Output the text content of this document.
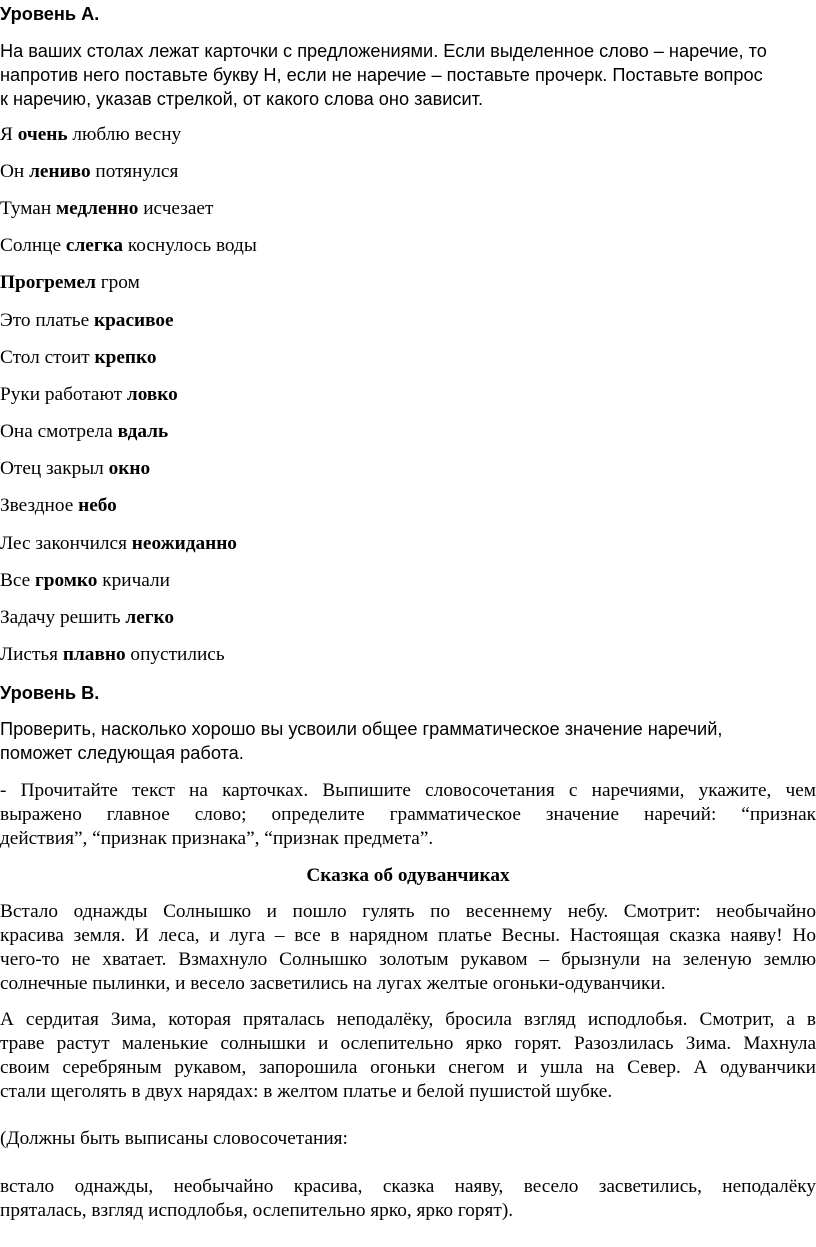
Уровень А.
На ваших столах лежат карточки с предложениями. Если выделенное слово – наречие, то
напротив него поставьте букву Н, если не наречие – поставьте прочерк. Поставьте вопрос
к наречию, указав стрелкой, от какого слова оно зависит.
Я очень люблю весну
Он лениво потянулся
Туман медленно исчезает
Солнце слегка коснулось воды
Прогремел гром
Это платье красивое
Стол стоит крепко
Руки работают ловко
Она смотрела вдаль
Отец закрыл окно
Звездное небо
Лес закончился неожиданно
Все громко кричали
Задачу решить легко
Листья плавно опустились
Уровень В.
Проверить, насколько хорошо вы усвоили общее грамматическое значение наречий,
поможет следующая работа.
- Прочитайте текст на карточках. Выпишите словосочетания с наречиями, укажите, чем
выражено главное слово; определите грамматическое значение наречий: “признак
действия”, “признак признака”, “признак предмета”.
Сказка об одуванчиках
Встало однажды Солнышко и пошло гулять по весеннему небу. Смотрит: необычайно
красива земля. И леса, и луга – все в нарядном платье Весны. Настоящая сказка наяву! Но
чего-то не хватает. Взмахнуло Солнышко золотым рукавом – брызнули на зеленую землю
солнечные пылинки, и весело засветились на лугах желтые огоньки-одуванчики.
А сердитая Зима, которая пряталась неподалёку, бросила взгляд исподлобья. Смотрит, а в
траве растут маленькие солнышки и ослепительно ярко горят. Разозлилась Зима. Махнула
своим серебряным рукавом, запорошила огоньки снегом и ушла на Север. А одуванчики
стали щеголять в двух нарядах: в желтом платье и белой пушистой шубке.
(Должны быть выписаны словосочетания:
встало однажды, необычайно красива, сказка наяву, весело засветились, неподалёку
пряталась, взгляд исподлобья, ослепительно ярко, ярко горят).
